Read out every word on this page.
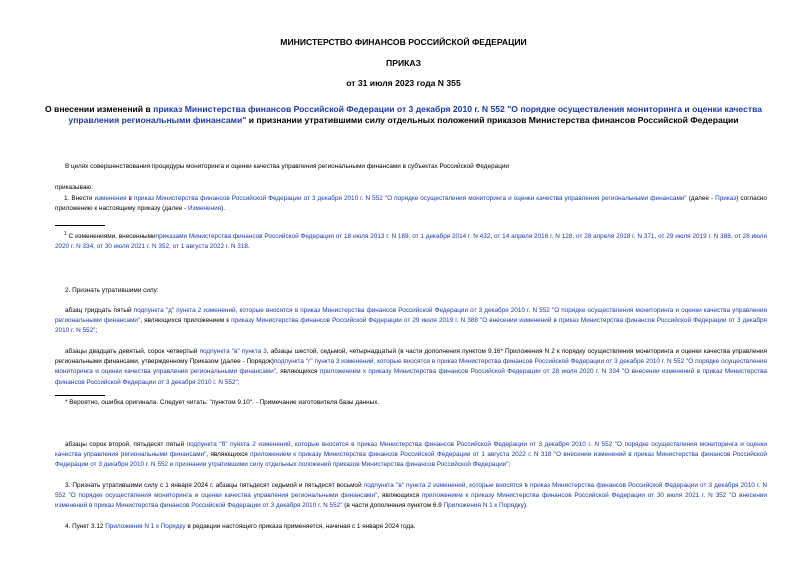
МИНИСТЕРСТВО ФИНАНСОВ РОССИЙСКОЙ ФЕДЕРАЦИИ
ПРИКАЗ
от 31 июля 2023 года N 355
О внесении изменений в приказ Министерства финансов Российской Федерации от 3 декабря 2010 г. N 552 "О порядке осуществления мониторинга и оценки качества управления региональными финансами" и признании утратившими силу отдельных положений приказов Министерства финансов Российской Федерации
В целях совершенствования процедуры мониторинга и оценки качества управления региональными финансами в субъектах Российской Федерации
приказываю:
1. Внести изменения в приказ Министерства финансов Российской Федерации от 3 декабря 2010 г. N 552 "О порядке осуществления мониторинга и оценки качества управления региональными финансами" (далее - Приказ) согласно приложению к настоящему приказу (далее - Изменения).
$^1$ С изменениями, внесеннымиприказами Министерства финансов Российской Федерации от 18 июля 2013 г. N 189, от 1 декабря 2014 г. N 432, от 14 апреля 2016 г. N 128, от 28 апреля 2018 г. N 371, от 29 июля 2019 г. N 388, от 28 июля 2020 г. N 334, от 30 июля 2021 г. N 352, от 1 августа 2022 г. N 318.
2. Признать утратившими силу:
абзац тридцать пятый подпункта "д" пункта 2 изменений, которые вносятся в приказ Министерства финансов Российской Федерации от 3 декабря 2010 г. N 552 "О порядке осуществления мониторинга и оценки качества управления региональными финансами", являющихся приложением к приказу Министерства финансов Российской Федерации от 29 июля 2019 г. N 388 "О внесении изменений в приказ Министерства финансов Российской Федерации от 3 декабря 2010 г. N 552";
абзацы двадцать девятый, сорок четвертый подпункта "в" пункта 3, абзацы шестой, седьмой, четырнадцатый (в части дополнения пунктом 9.16* Приложения N 2 к порядку осуществления мониторинга и оценки качества управления региональными финансами, утвержденному Приказом (далее - Порядок)подпункта "г" пункта 3 изменений, которые вносятся в приказ Министерства финансов Российской Федерации от 3 декабря 2010 г. N 552 "О порядке осуществления мониторинга и оценки качества управления региональными финансами", являющихся приложением к приказу Министерства финансов Российской Федерации от 28 июля 2020 г. N 334 "О внесении изменений в приказ Министерства финансов Российской Федерации от 3 декабря 2010 г. N 552";
* Вероятно, ошибка оригинала. Следует читать: "пунктом 9.10". - Примечание изготовителя базы данных.
абзацы сорок второй, пятьдесят пятый подпункта "б" пункта 2 изменений, которые вносятся в приказ Министерства финансов Российской Федерации от 3 декабря 2010 г. N 552 "О порядке осуществления мониторинга и оценки качества управления региональными финансами", являющихся приложением к приказу Министерства финансов Российской Федерации от 1 августа 2022 г. N 318 "О внесении изменений в приказ Министерства финансов Российской Федерации от 3 декабря 2010 г. N 552 и признании утратившими силу отдельных положений приказов Министерства финансов Российской Федерации";
3. Признать утратившими силу с 1 января 2024 г. абзацы пятьдесят седьмой и пятьдесят восьмой подпункта "в" пункта 2 изменений, которые вносятся в приказ Министерства финансов Российской Федерации от 3 декабря 2010 г. N 552 "О порядке осуществления мониторинга и оценки качества управления региональными финансами", являющихся приложением к приказу Министерства финансов Российской Федерации от 30 июля 2021 г. N 352 "О внесении изменений в приказ Министерства финансов Российской Федерации от 3 декабря 2010 г. N 552" (в части дополнения пунктом 6.9 Приложения N 1 к Порядку).
4. Пункт 3.12 Приложения N 1 к Порядку в редакции настоящего приказа применяется, начиная с 1 января 2024 года.
